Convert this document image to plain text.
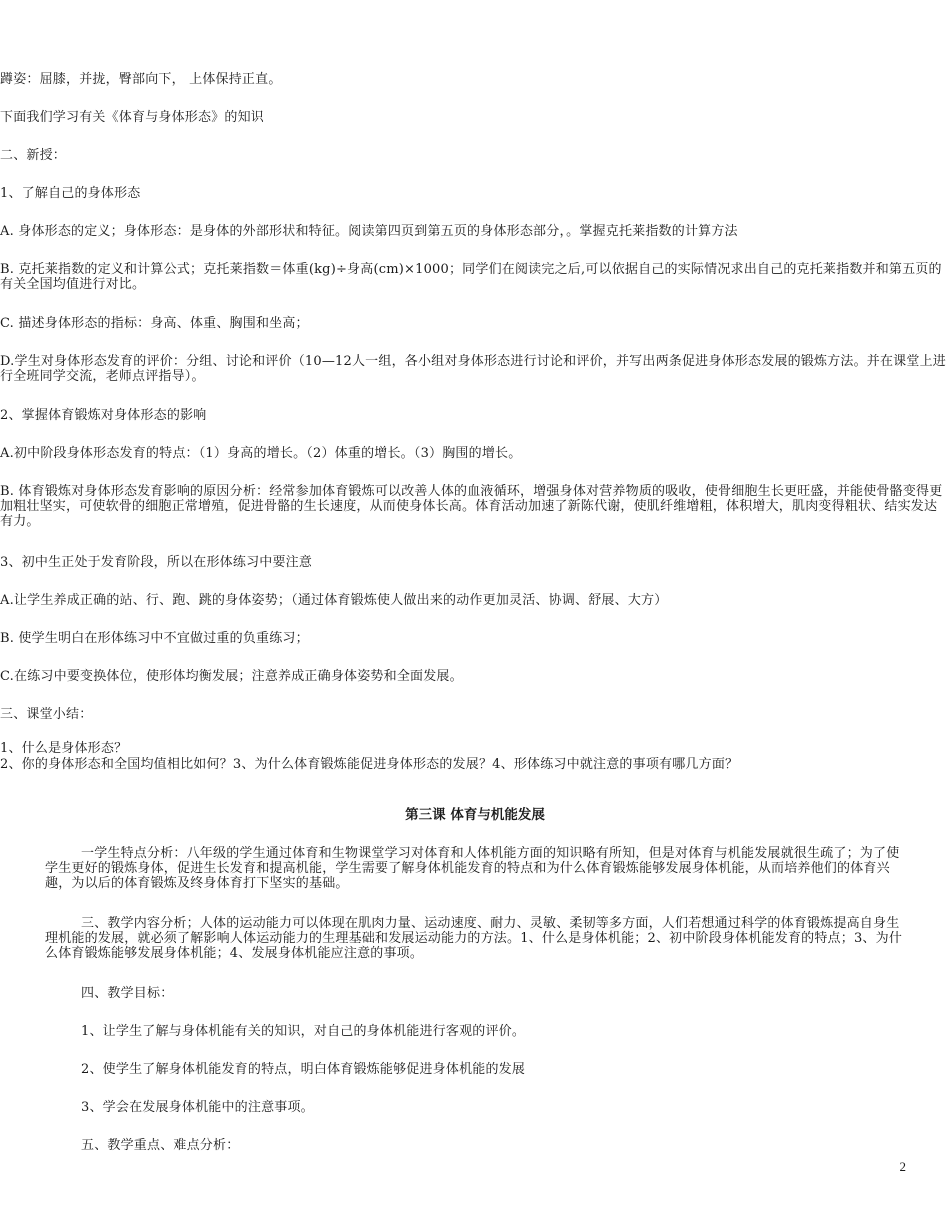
蹲姿：屈膝，并拢，臀部向下， 上体保持正直。
下面我们学习有关《体育与身体形态》的知识
二、新授：
1、了解自己的身体形态
A. 身体形态的定义；身体形态：是身体的外部形状和特征。阅读第四页到第五页的身体形态部分，。掌握克托莱指数的计算方法
B. 克托莱指数的定义和计算公式；克托莱指数＝体重(kg)÷身高(cm)×1000；同学们在阅读完之后,可以依据自己的实际情况求出自己的克托莱指数并和第五页的有关全国均值进行对比。
C. 描述身体形态的指标：身高、体重、胸围和坐高；
D.学生对身体形态发育的评价：分组、讨论和评价（10—12人一组，各小组对身体形态进行讨论和评价，并写出两条促进身体形态发展的锻炼方法。并在课堂上进行全班同学交流，老师点评指导）。
2、掌握体育锻炼对身体形态的影响
A.初中阶段身体形态发育的特点：（1）身高的增长。（2）体重的增长。（3）胸围的增长。
B. 体育锻炼对身体形态发育影响的原因分析：经常参加体育锻炼可以改善人体的血液循环，增强身体对营养物质的吸收，使骨细胞生长更旺盛，并能使骨骼变得更加粗壮坚实，可使软骨的细胞正常增殖，促进骨骼的生长速度，从而使身体长高。体育活动加速了新陈代谢，使肌纤维增粗，体积增大，肌肉变得粗状、结实发达有力。
3、初中生正处于发育阶段，所以在形体练习中要注意
A.让学生养成正确的站、行、跑、跳的身体姿势；（通过体育锻炼使人做出来的动作更加灵活、协调、舒展、大方）
B. 使学生明白在形体练习中不宜做过重的负重练习；
C.在练习中要变换体位，使形体均衡发展；注意养成正确身体姿势和全面发展。
三、课堂小结：
1、什么是身体形态？
2、你的身体形态和全国均值相比如何？3、为什么体育锻炼能促进身体形态的发展？4、形体练习中就注意的事项有哪几方面？
第三课 体育与机能发展
一学生特点分析：八年级的学生通过体育和生物课堂学习对体育和人体机能方面的知识略有所知，但是对体育与机能发展就很生疏了；为了使学生更好的锻炼身体，促进生长发育和提高机能，学生需要了解身体机能发育的特点和为什么体育锻炼能够发展身体机能，从而培养他们的体育兴趣，为以后的体育锻炼及终身体育打下坚实的基础。
三、教学内容分析；人体的运动能力可以体现在肌肉力量、运动速度、耐力、灵敏、柔韧等多方面，人们若想通过科学的体育锻炼提高自身生理机能的发展，就必须了解影响人体运动能力的生理基础和发展运动能力的方法。1、什么是身体机能；2、初中阶段身体机能发育的特点；3、为什么体育锻炼能够发展身体机能；4、发展身体机能应注意的事项。
四、教学目标：
1、让学生了解与身体机能有关的知识，对自己的身体机能进行客观的评价。
2、使学生了解身体机能发育的特点，明白体育锻炼能够促进身体机能的发展
3、学会在发展身体机能中的注意事项。
五、教学重点、难点分析：
2
